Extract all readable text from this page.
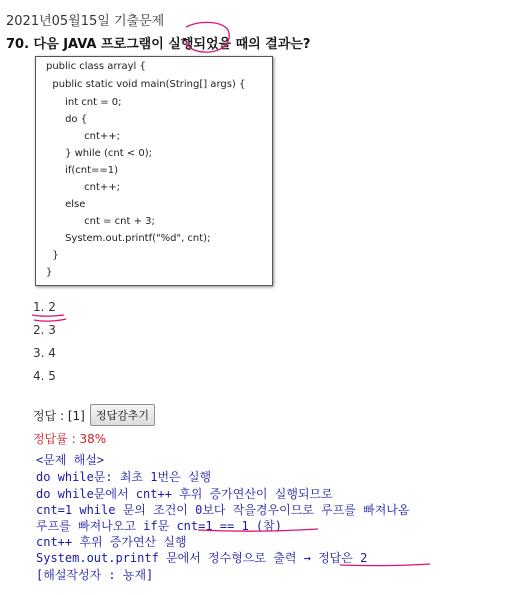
2021년05월15일 기출문제
70. 다음 JAVA 프로그램이 실행되었을 때의 결과는?
public class arrayl {
public static void main(String[] args) {
int cnt = 0;
do {
cnt++;
} while (cnt < 0);
if(cnt==1)
cnt++;
else
cnt = cnt + 3;
System.out.printf("%d", cnt);
}
}
1. 2
2. 3
3. 4
4. 5
정답 : [1]	정답감추기
정답률 : 38%
<문제 해설>
do while문: 최초 1번은 실행
do while문에서 cnt++ 후위 증가연산이 실행되므로
cnt=1 while 문의 조건이 0보다 작을경우이므로 루프를 빠져나옴
루프를 빠져나오고 if문 cnt=1 == 1 (참)
cnt++ 후위 증가연산 실행
System.out.printf 문에서 정수형으로 출력 → 정답은 2
[해설작성자 : 뇽재]
